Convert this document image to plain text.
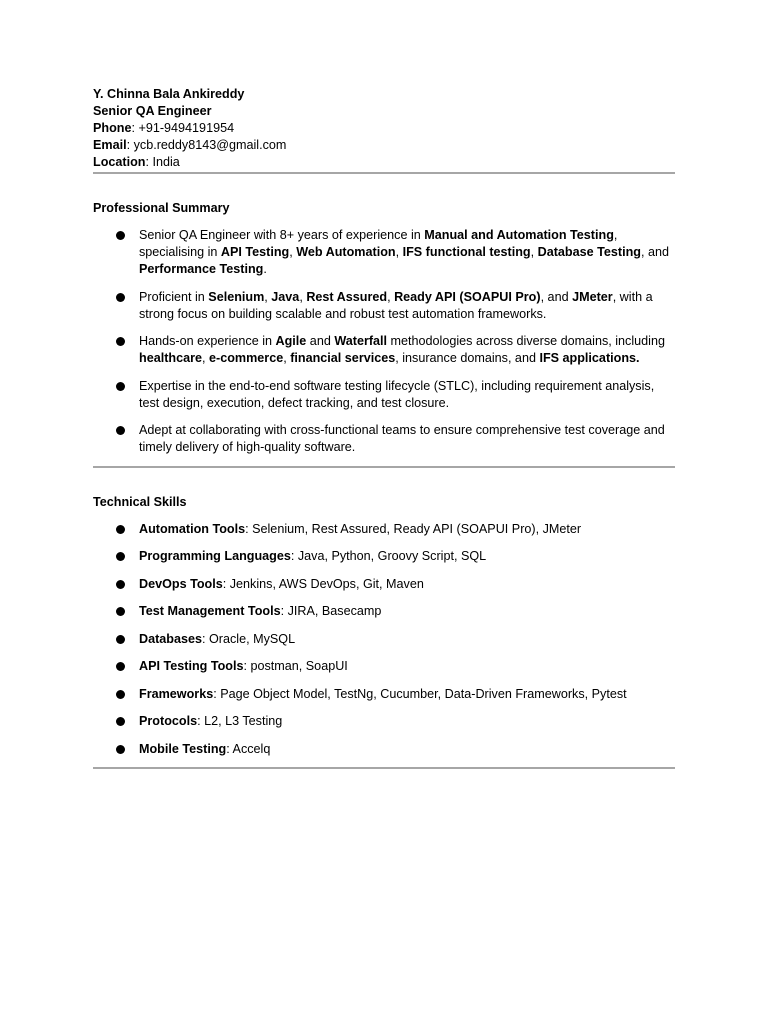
Y. Chinna Bala Ankireddy
Senior QA Engineer
Phone: +91-9494191954
Email: ycb.reddy8143@gmail.com
Location: India
Professional Summary
Senior QA Engineer with 8+ years of experience in Manual and Automation Testing, specialising in API Testing, Web Automation, IFS functional testing, Database Testing, and Performance Testing.
Proficient in Selenium, Java, Rest Assured, Ready API (SOAPUI Pro), and JMeter, with a strong focus on building scalable and robust test automation frameworks.
Hands-on experience in Agile and Waterfall methodologies across diverse domains, including healthcare, e-commerce, financial services, insurance domains, and IFS applications.
Expertise in the end-to-end software testing lifecycle (STLC), including requirement analysis, test design, execution, defect tracking, and test closure.
Adept at collaborating with cross-functional teams to ensure comprehensive test coverage and timely delivery of high-quality software.
Technical Skills
Automation Tools: Selenium, Rest Assured, Ready API (SOAPUI Pro), JMeter
Programming Languages: Java, Python, Groovy Script, SQL
DevOps Tools: Jenkins, AWS DevOps, Git, Maven
Test Management Tools: JIRA, Basecamp
Databases: Oracle, MySQL
API Testing Tools: postman, SoapUI
Frameworks: Page Object Model, TestNg, Cucumber, Data-Driven Frameworks, Pytest
Protocols: L2, L3 Testing
Mobile Testing: Accelq
